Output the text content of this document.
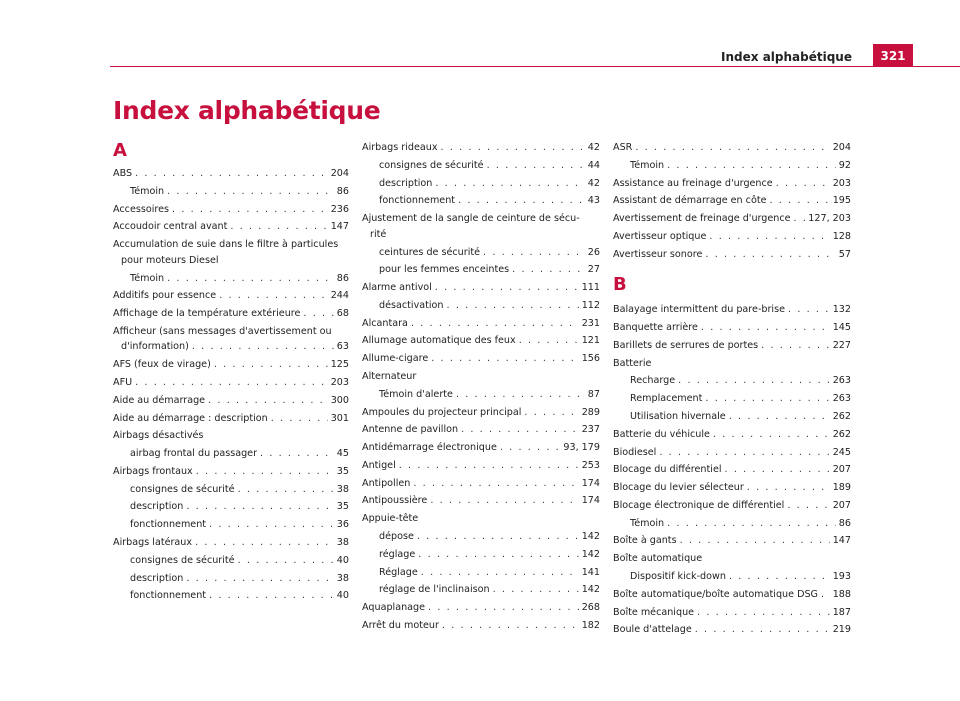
Index alphabétique	321
Index alphabétique
A
ABS . . .	204
Témoin . . .	86
Accessoires . . .	236
Accoudoir central avant . . .	147
Accumulation de suie dans le filtre à particules
pour moteurs Diesel
Témoin . . .	86
Additifs pour essence . . .	244
Affichage de la température extérieure . . .	68
Afficheur (sans messages d'avertissement ou
d'information) . . .	63
AFS (feux de virage) . . .	125
AFU . . .	203
Aide au démarrage . . .	300
Aide au démarrage : description . . .	301
Airbags désactivés
airbag frontal du passager . . .	45
Airbags frontaux . . .	35
consignes de sécurité . . .	38
description . . .	35
fonctionnement . . .	36
Airbags latéraux . . .	38
consignes de sécurité . . .	40
description . . .	38
fonctionnement . . .	40
Airbags rideaux . . .	42
consignes de sécurité . . .	44
description . . .	42
fonctionnement . . .	43
Ajustement de la sangle de ceinture de sécu-
rité
ceintures de sécurité . . .	26
pour les femmes enceintes . . .	27
Alarme antivol . . .	111
désactivation . . .	112
Alcantara . . .	231
Allumage automatique des feux . . .	121
Allume-cigare . . .	156
Alternateur
Témoin d'alerte . . .	87
Ampoules du projecteur principal . . .	289
Antenne de pavillon . . .	237
Antidémarrage électronique . . .	93, 179
Antigel . . .	253
Antipollen . . .	174
Antipoussière . . .	174
Appuie-tête
dépose . . .	142
réglage . . .	142
Réglage . . .	141
réglage de l'inclinaison . . .	142
Aquaplanage . . .	268
Arrêt du moteur . . .	182
ASR . . .	204
Témoin . . .	92
Assistance au freinage d'urgence . . .	203
Assistant de démarrage en côte . . .	195
Avertissement de freinage d'urgence . . . 127, 203
Avertisseur optique . . .	128
Avertisseur sonore . . .	57
B
Balayage intermittent du pare-brise . . .	132
Banquette arrière . . .	145
Barillets de serrures de portes . . .	227
Batterie
Recharge . . .	263
Remplacement . . .	263
Utilisation hivernale . . .	262
Batterie du véhicule . . .	262
Biodiesel . . .	245
Blocage du différentiel . . .	207
Blocage du levier sélecteur . . .	189
Blocage électronique de différentiel . . .	207
Témoin . . .	86
Boîte à gants . . .	147
Boîte automatique
Dispositif kick-down . . .	193
Boîte automatique/boîte automatique DSG . . . 188
Boîte mécanique . . .	187
Boule d'attelage . . .	219
